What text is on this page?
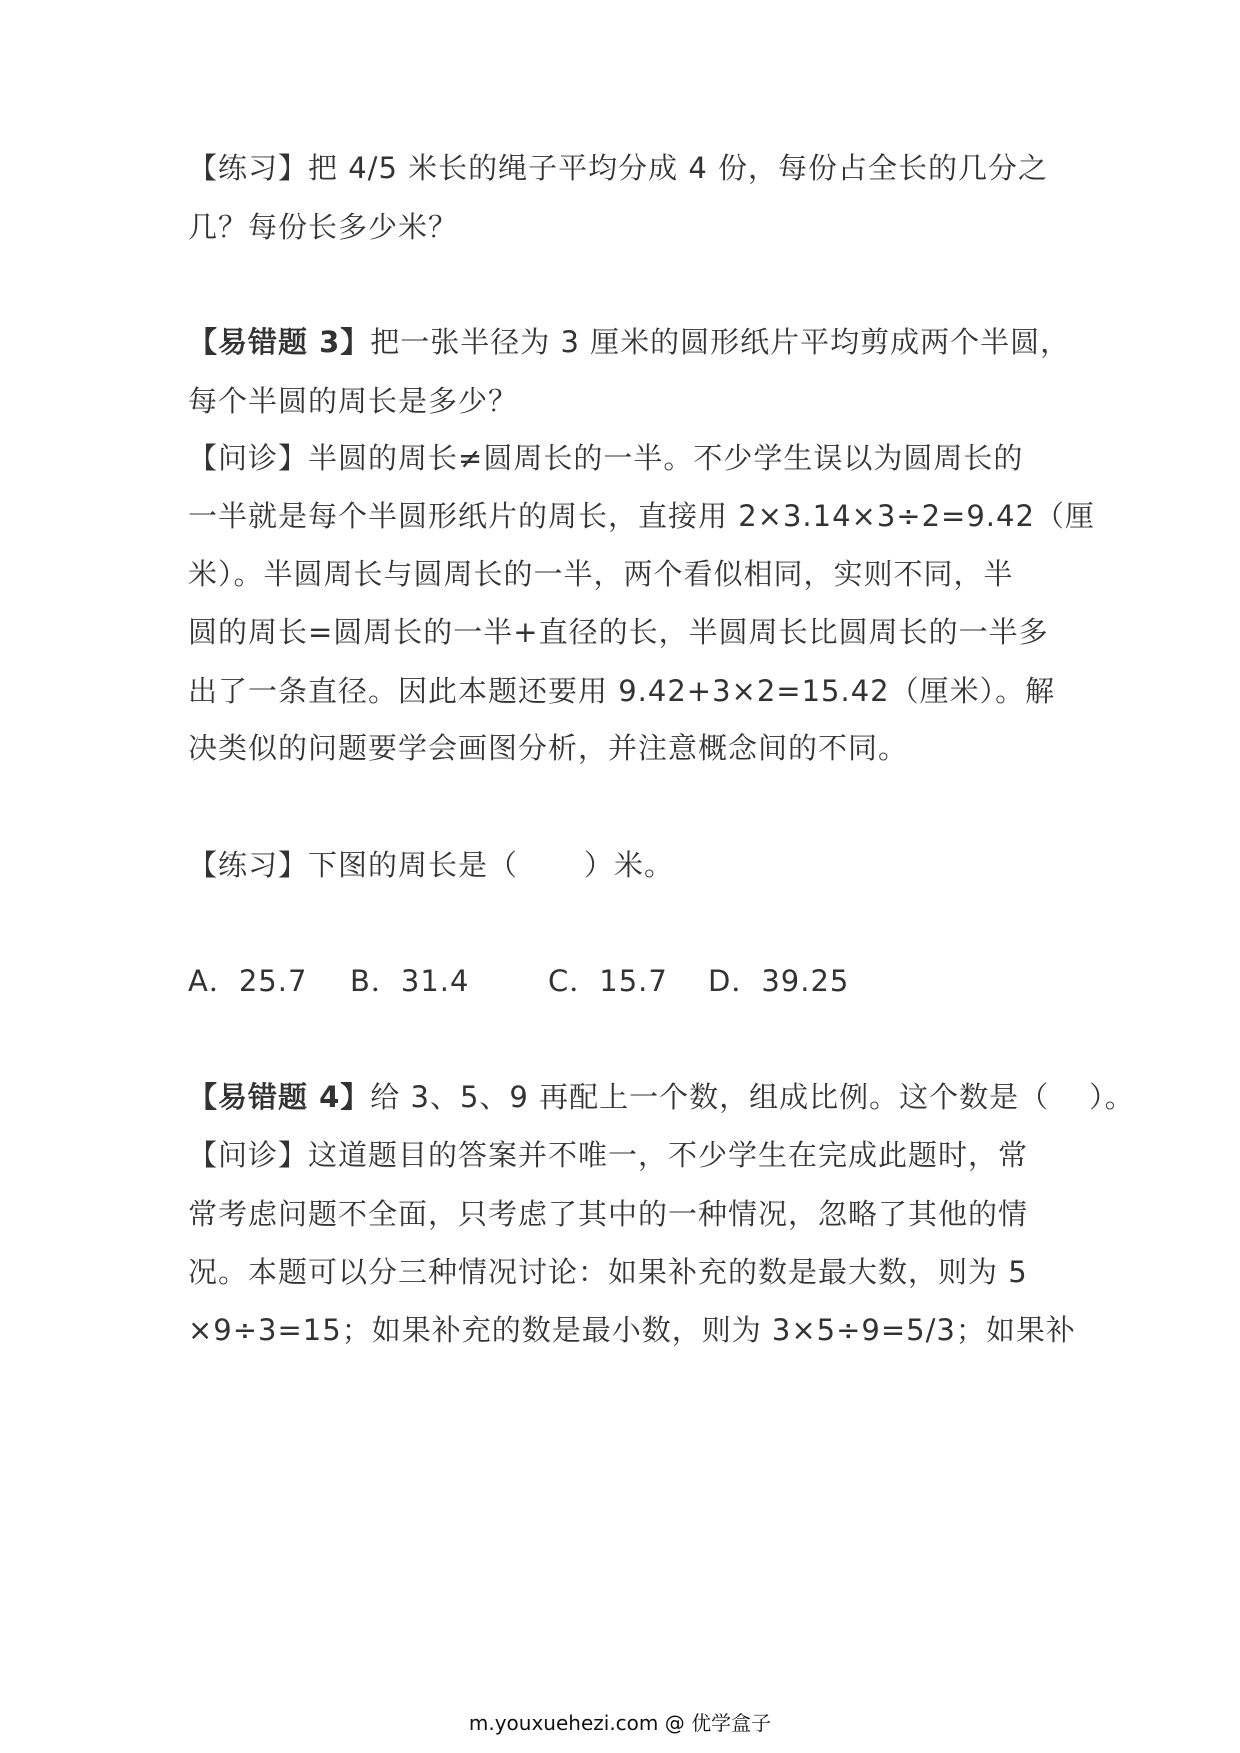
【练习】把 4/5 米长的绳子平均分成 4 份，每份占全长的几分之
几？每份长多少米？
【易错题 3】把一张半径为 3 厘米的圆形纸片平均剪成两个半圆，
每个半圆的周长是多少？
【问诊】半圆的周长≠圆周长的一半。不少学生误以为圆周长的
一半就是每个半圆形纸片的周长，直接用 2×3.14×3÷2=9.42（厘
米）。半圆周长与圆周长的一半，两个看似相同，实则不同，半
圆的周长=圆周长的一半+直径的长，半圆周长比圆周长的一半多
出了一条直径。因此本题还要用 9.42+3×2=15.42（厘米）。解
决类似的问题要学会画图分析，并注意概念间的不同。
【练习】下图的周长是（ ）米。
A．25.7 B．31.4	C．15.7 D．39.25
【易错题 4】给 3、5、9 再配上一个数，组成比例。这个数是（ ）。
【问诊】这道题目的答案并不唯一，不少学生在完成此题时，常
常考虑问题不全面，只考虑了其中的一种情况，忽略了其他的情
况。本题可以分三种情况讨论：如果补充的数是最大数，则为 5
×9÷3=15；如果补充的数是最小数，则为 3×5÷9=5/3；如果补
m.youxuehezi.com @ 优学盒子
